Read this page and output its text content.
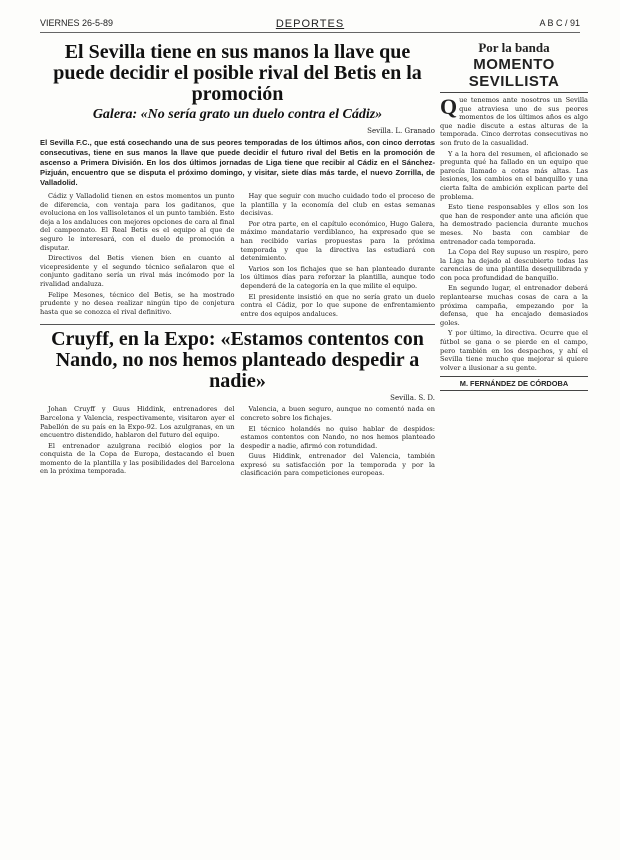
VIERNES 26-5-89	DEPORTES	A B C / 91
El Sevilla tiene en sus manos la llave que puede decidir el posible rival del Betis en la promoción
Galera: «No sería grato un duelo contra el Cádiz»
Sevilla. L. Granado
El Sevilla F.C., que está cosechando una de sus peores temporadas de los últimos años, con cinco derrotas consecutivas, tiene en sus manos la llave que puede decidir el futuro rival del Betis en la promoción de ascenso a Primera División. En los dos últimos jornadas de Liga tiene que recibir al Cádiz en el Sánchez-Pizjuán, encuentro que se disputa el próximo domingo, y visitar, siete días más tarde, el nuevo Zorrilla, de Valladolid.

Cádiz y Valladolid tienen en estos momentos un punto de diferencia, con ventaja para los gaditanos, que evoluciona en los vallisoletanos el un punto también. Esto deja a los andaluces con mejores opciones de cara al final del campeonato. El Real Betis es el equipo al que de seguro le interesará, con el duelo de promoción a disputar.

Directivos del Betis vienen bien en cuanto al vicepresidente y el segundo técnico señalaron que el conjunto gaditano sería un rival más incómodo por la rivalidad andaluza.

Felipe Mesones, técnico del Betis, se ha mostrado prudente y no desea realizar ningún tipo de conjetura hasta que se conozca el rival definitivo.

Hay que seguir con mucho cuidado todo el proceso de la plantilla y la economía del club en estas semanas decisivas.

Por otra parte, en el capítulo económico, Hugo Galera, máximo mandatario verdiblanco, ha expresado que se han recibido varias propuestas para la próxima temporada y que la directiva las estudiará con detenimiento.

Varios son los fichajes que se han planteado durante los últimos días para reforzar la plantilla, aunque todo dependerá de la categoría en la que milite el equipo.

El presidente insistió en que no sería grato un duelo contra el Cádiz, por lo que supone de enfrentamiento entre dos equipos andaluces.

Cruyff, en la Expo: «Estamos contentos con Nando, no nos hemos planteado despedir a nadie»
Sevilla. S. D.

Johan Cruyff y Guus Hiddink, entrenadores del Barcelona y Valencia, respectivamente, visitaron ayer el Pabellón de su país en la Expo-92. Los azulgranas, en un encuentro distendido, hablaron del futuro del equipo.

El entrenador azulgrana recibió elogios por la conquista de la Copa de Europa, destacando el buen momento de la plantilla y las posibilidades del Barcelona en la próxima temporada.

Valencia, a buen seguro, aunque no comentó nada en concreto sobre los fichajes.

El técnico holandés no quiso hablar de despidos: estamos contentos con Nando, no nos hemos planteado despedir a nadie, afirmó con rotundidad.

Guus Hiddink, entrenador del Valencia, también expresó su satisfacción por la temporada y por la clasificación para competiciones europeas.

Por la banda
MOMENTO SEVILLISTA

Que tenemos ante nosotros un Sevilla que atraviesa uno de sus peores momentos de los últimos años es algo que nadie discute a estas alturas de la temporada. Cinco derrotas consecutivas no son fruto de la casualidad.

Y a la hora del resumen, el aficionado se pregunta qué ha fallado en un equipo que parecía llamado a cotas más altas. Las lesiones, los cambios en el banquillo y una cierta falta de ambición explican parte del problema.

Esto tiene responsables y ellos son los que han de responder ante una afición que ha demostrado paciencia durante muchos meses. No basta con cambiar de entrenador cada temporada.

La Copa del Rey supuso un respiro, pero la Liga ha dejado al descubierto todas las carencias de una plantilla desequilibrada y con poca profundidad de banquillo.

En segundo lugar, el entrenador deberá replantearse muchas cosas de cara a la próxima campaña, empezando por la defensa, que ha encajado demasiados goles.

Y por último, la directiva. Ocurre que el fútbol se gana o se pierde en el campo, pero también en los despachos, y ahí el Sevilla tiene mucho que mejorar si quiere volver a ilusionar a su gente.

M. FERNÁNDEZ DE CÓRDOBA
